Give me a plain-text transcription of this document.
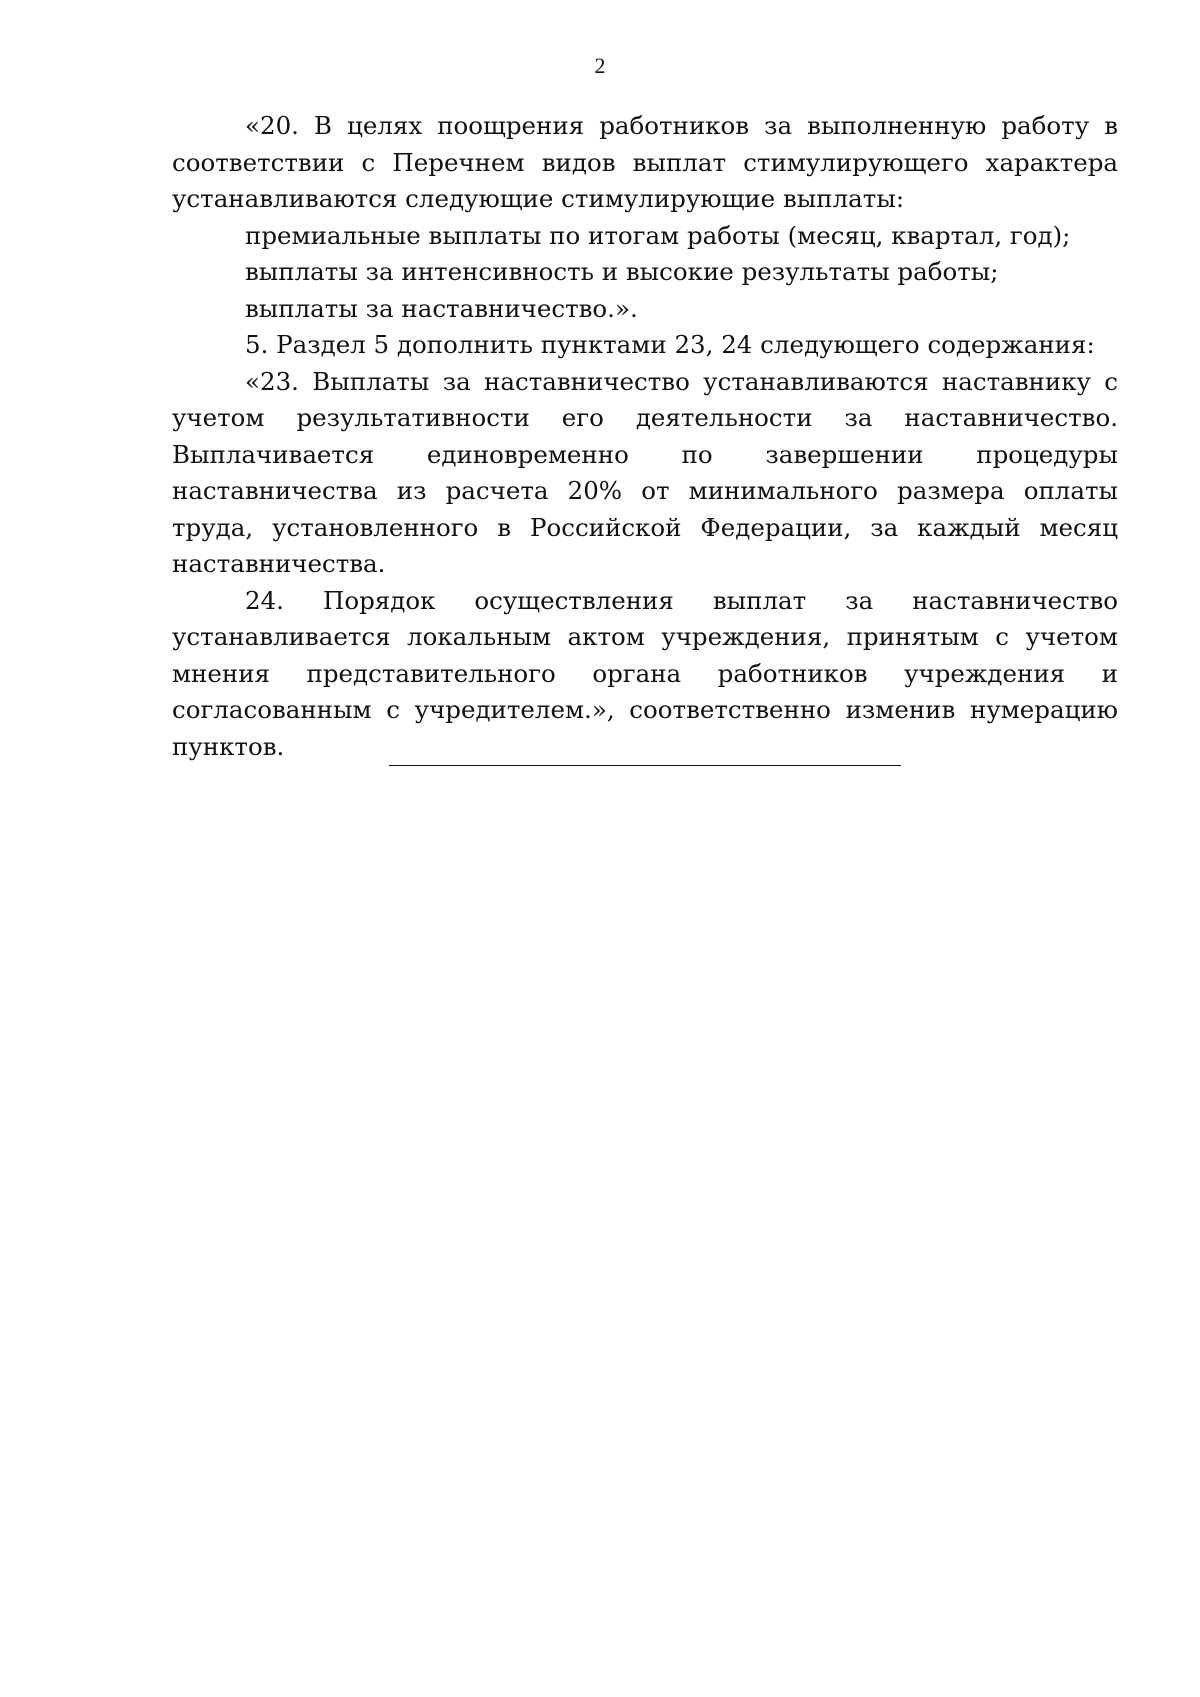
2

«20. В целях поощрения работников за выполненную работу в соответствии с Перечнем видов выплат стимулирующего характера устанавливаются следующие стимулирующие выплаты:

премиальные выплаты по итогам работы (месяц, квартал, год);

выплаты за интенсивность и высокие результаты работы;

выплаты за наставничество.».

5. Раздел 5 дополнить пунктами 23, 24 следующего содержания:

«23. Выплаты за наставничество устанавливаются наставнику с учетом результативности его деятельности за наставничество. Выплачивается единовременно по завершении процедуры наставничества из расчета 20% от минимального размера оплаты труда, установленного в Российской Федерации, за каждый месяц наставничества.

24. Порядок осуществления выплат за наставничество устанавливается локальным актом учреждения, принятым с учетом мнения представительного органа работников учреждения и согласованным с учредителем.», соответственно изменив нумерацию пунктов.
